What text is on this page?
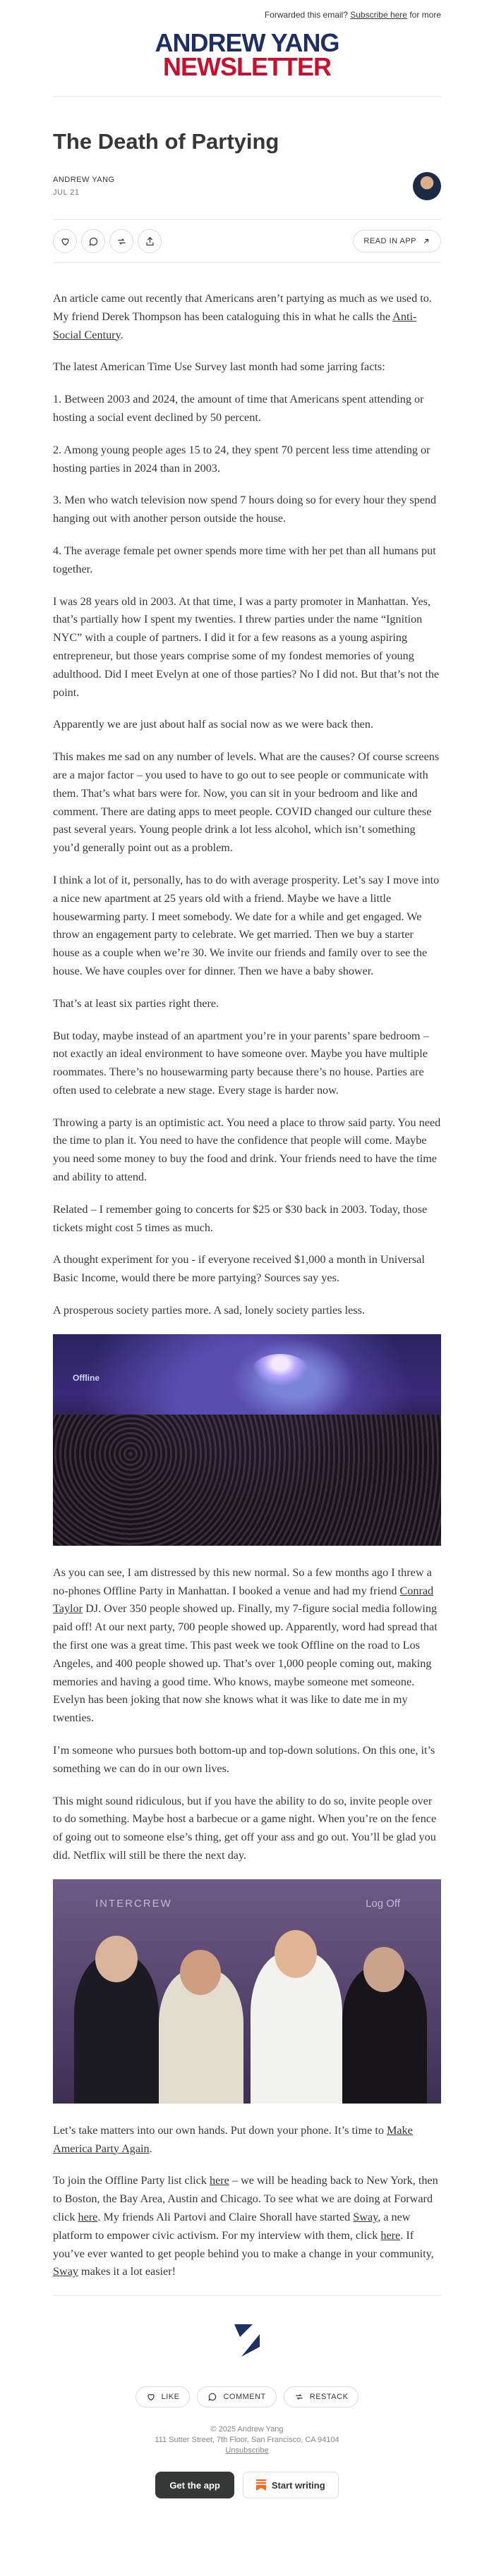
Forwarded this email? Subscribe here for more
ANDREW YANG
NEWSLETTER
The Death of Partying
ANDREW YANG
JUL 21
READ IN APP

An article came out recently that Americans aren’t partying as much as we used to. My friend Derek Thompson has been cataloguing this in what he calls the Anti-Social Century.

The latest American Time Use Survey last month had some jarring facts:

1. Between 2003 and 2024, the amount of time that Americans spent attending or hosting a social event declined by 50 percent.

2. Among young people ages 15 to 24, they spent 70 percent less time attending or hosting parties in 2024 than in 2003.

3. Men who watch television now spend 7 hours doing so for every hour they spend hanging out with another person outside the house.

4. The average female pet owner spends more time with her pet than all humans put together.

I was 28 years old in 2003. At that time, I was a party promoter in Manhattan. Yes, that’s partially how I spent my twenties. I threw parties under the name “Ignition NYC” with a couple of partners. I did it for a few reasons as a young aspiring entrepreneur, but those years comprise some of my fondest memories of young adulthood. Did I meet Evelyn at one of those parties? No I did not. But that’s not the point.

Apparently we are just about half as social now as we were back then.

This makes me sad on any number of levels. What are the causes? Of course screens are a major factor – you used to have to go out to see people or communicate with them. That’s what bars were for. Now, you can sit in your bedroom and like and comment. There are dating apps to meet people. COVID changed our culture these past several years. Young people drink a lot less alcohol, which isn’t something you’d generally point out as a problem.

I think a lot of it, personally, has to do with average prosperity. Let’s say I move into a nice new apartment at 25 years old with a friend. Maybe we have a little housewarming party. I meet somebody. We date for a while and get engaged. We throw an engagement party to celebrate. We get married. Then we buy a starter house as a couple when we’re 30. We invite our friends and family over to see the house. We have couples over for dinner. Then we have a baby shower.

That’s at least six parties right there.

But today, maybe instead of an apartment you’re in your parents’ spare bedroom – not exactly an ideal environment to have someone over. Maybe you have multiple roommates. There’s no housewarming party because there’s no house. Parties are often used to celebrate a new stage. Every stage is harder now.

Throwing a party is an optimistic act. You need a place to throw said party. You need the time to plan it. You need to have the confidence that people will come. Maybe you need some money to buy the food and drink. Your friends need to have the time and ability to attend.

Related – I remember going to concerts for $25 or $30 back in 2003. Today, those tickets might cost 5 times as much.

A thought experiment for you - if everyone received $1,000 a month in Universal Basic Income, would there be more partying? Sources say yes.

A prosperous society parties more. A sad, lonely society parties less.

Offline

As you can see, I am distressed by this new normal. So a few months ago I threw a no-phones Offline Party in Manhattan. I booked a venue and had my friend Conrad Taylor DJ. Over 350 people showed up. Finally, my 7-figure social media following paid off! At our next party, 700 people showed up. Apparently, word had spread that the first one was a great time. This past week we took Offline on the road to Los Angeles, and 400 people showed up. That’s over 1,000 people coming out, making memories and having a good time. Who knows, maybe someone met someone. Evelyn has been joking that now she knows what it was like to date me in my twenties.

I’m someone who pursues both bottom-up and top-down solutions. On this one, it’s something we can do in our own lives.

This might sound ridiculous, but if you have the ability to do so, invite people over to do something. Maybe host a barbecue or a game night. When you’re on the fence of going out to someone else’s thing, get off your ass and go out. You’ll be glad you did. Netflix will still be there the next day.

INTERCREW	Log Off

Let’s take matters into our own hands. Put down your phone. It’s time to Make America Party Again.

To join the Offline Party list click here – we will be heading back to New York, then to Boston, the Bay Area, Austin and Chicago. To see what we are doing at Forward click here. My friends Ali Partovi and Claire Shorall have started Sway, a new platform to empower civic activism. For my interview with them, click here. If you’ve ever wanted to get people behind you to make a change in your community, Sway makes it a lot easier!

LIKE	COMMENT	RESTACK
© 2025 Andrew Yang
111 Sutter Street, 7th Floor, San Francisco, CA 94104
Unsubscribe
Get the app	Start writing
